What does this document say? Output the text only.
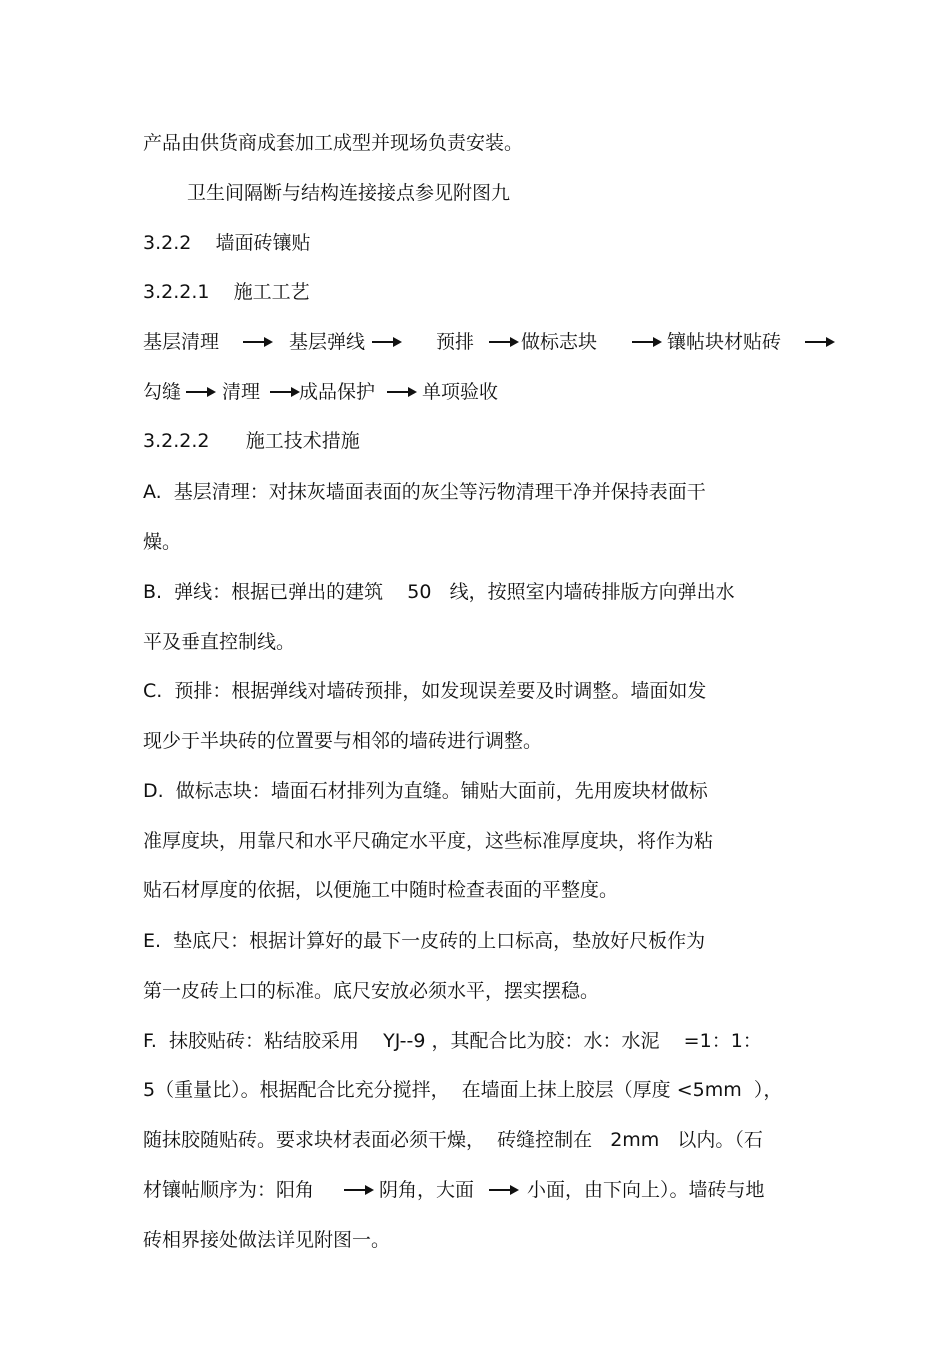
产品由供货商成套加工成型并现场负责安装。
卫生间隔断与结构连接接点参见附图九
3.2.2    墙面砖镶贴
3.2.2.1    施工工艺
基层清理	基层弹线	预排 做标志块	镶帖块材贴砖
勾缝 清理 成品保护 单项验收
3.2.2.2      施工技术措施
A.  基层清理：对抹灰墙面表面的灰尘等污物清理干净并保持表面干
燥。
B.  弹线：根据已弹出的建筑    50   线，按照室内墙砖排版方向弹出水
平及垂直控制线。
C.  预排：根据弹线对墙砖预排，如发现误差要及时调整。墙面如发
现少于半块砖的位置要与相邻的墙砖进行调整。
D.  做标志块：墙面石材排列为直缝。铺贴大面前，先用废块材做标
准厚度块，用靠尺和水平尺确定水平度，这些标准厚度块，将作为粘
贴石材厚度的依据，以便施工中随时检查表面的平整度。
E.  垫底尺：根据计算好的最下一皮砖的上口标高，垫放好尺板作为
第一皮砖上口的标准。底尺安放必须水平，摆实摆稳。
F.  抹胶贴砖：粘结胶采用    YJ--9 ，其配合比为胶：水：水泥    =1：1：
5（重量比）。根据配合比充分搅拌，  在墙面上抹上胶层（厚度 <5mm  ），
随抹胶随贴砖。要求块材表面必须干燥，  砖缝控制在   2mm   以内。（石
材镶帖顺序为：阳角	阴角，大面	小面，由下向上）。墙砖与地
砖相界接处做法详见附图一。
